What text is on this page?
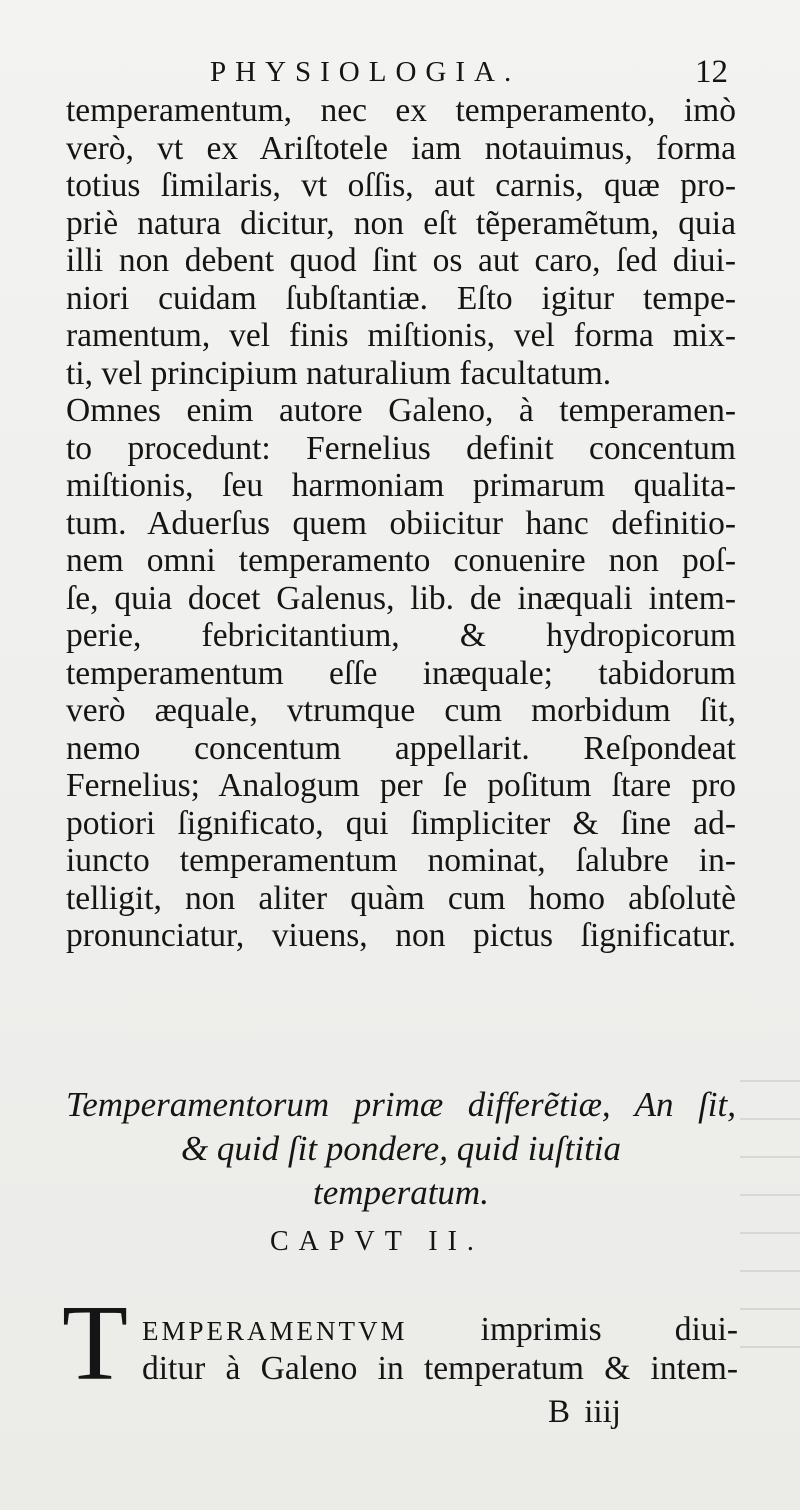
PHYSIOLOGIA.	12
temperamentum, nec ex temperamento, imò
verò, vt ex Ariſtotele iam notauimus, forma
totius ſimilaris, vt oſſis, aut carnis, quæ pro-
priè natura dicitur, non eſt tẽperamẽtum, quia
illi non debent quod ſint os aut caro, ſed diui-
niori cuidam ſubſtantiæ. Eſto igitur tempe-
ramentum, vel finis miſtionis, vel forma mix-
ti, vel principium naturalium facultatum.
Omnes enim autore Galeno, à temperamen-
to procedunt: Fernelius definit concentum
miſtionis, ſeu harmoniam primarum qualita-
tum. Aduerſus quem obiicitur hanc definitio-
nem omni temperamento conuenire non poſ-
ſe, quia docet Galenus, lib. de inæquali intem-
perie, febricitantium, & hydropicorum
temperamentum eſſe inæquale; tabidorum
verò æquale, vtrumque cum morbidum ſit,
nemo concentum appellarit. Reſpondeat
Fernelius; Analogum per ſe poſitum ſtare pro
potiori ſignificato, qui ſimpliciter & ſine ad-
iuncto temperamentum nominat, ſalubre in-
telligit, non aliter quàm cum homo abſolutè
pronunciatur, viuens, non pictus ſignificatur.
Temperamentorum primæ differẽtiæ, An ſit,
& quid ſit pondere, quid iuſtitia
temperatum.
CAPVT II.
T EMPERAMENTVM imprimis diui-
ditur à Galeno in temperatum & intem-
B iiij
